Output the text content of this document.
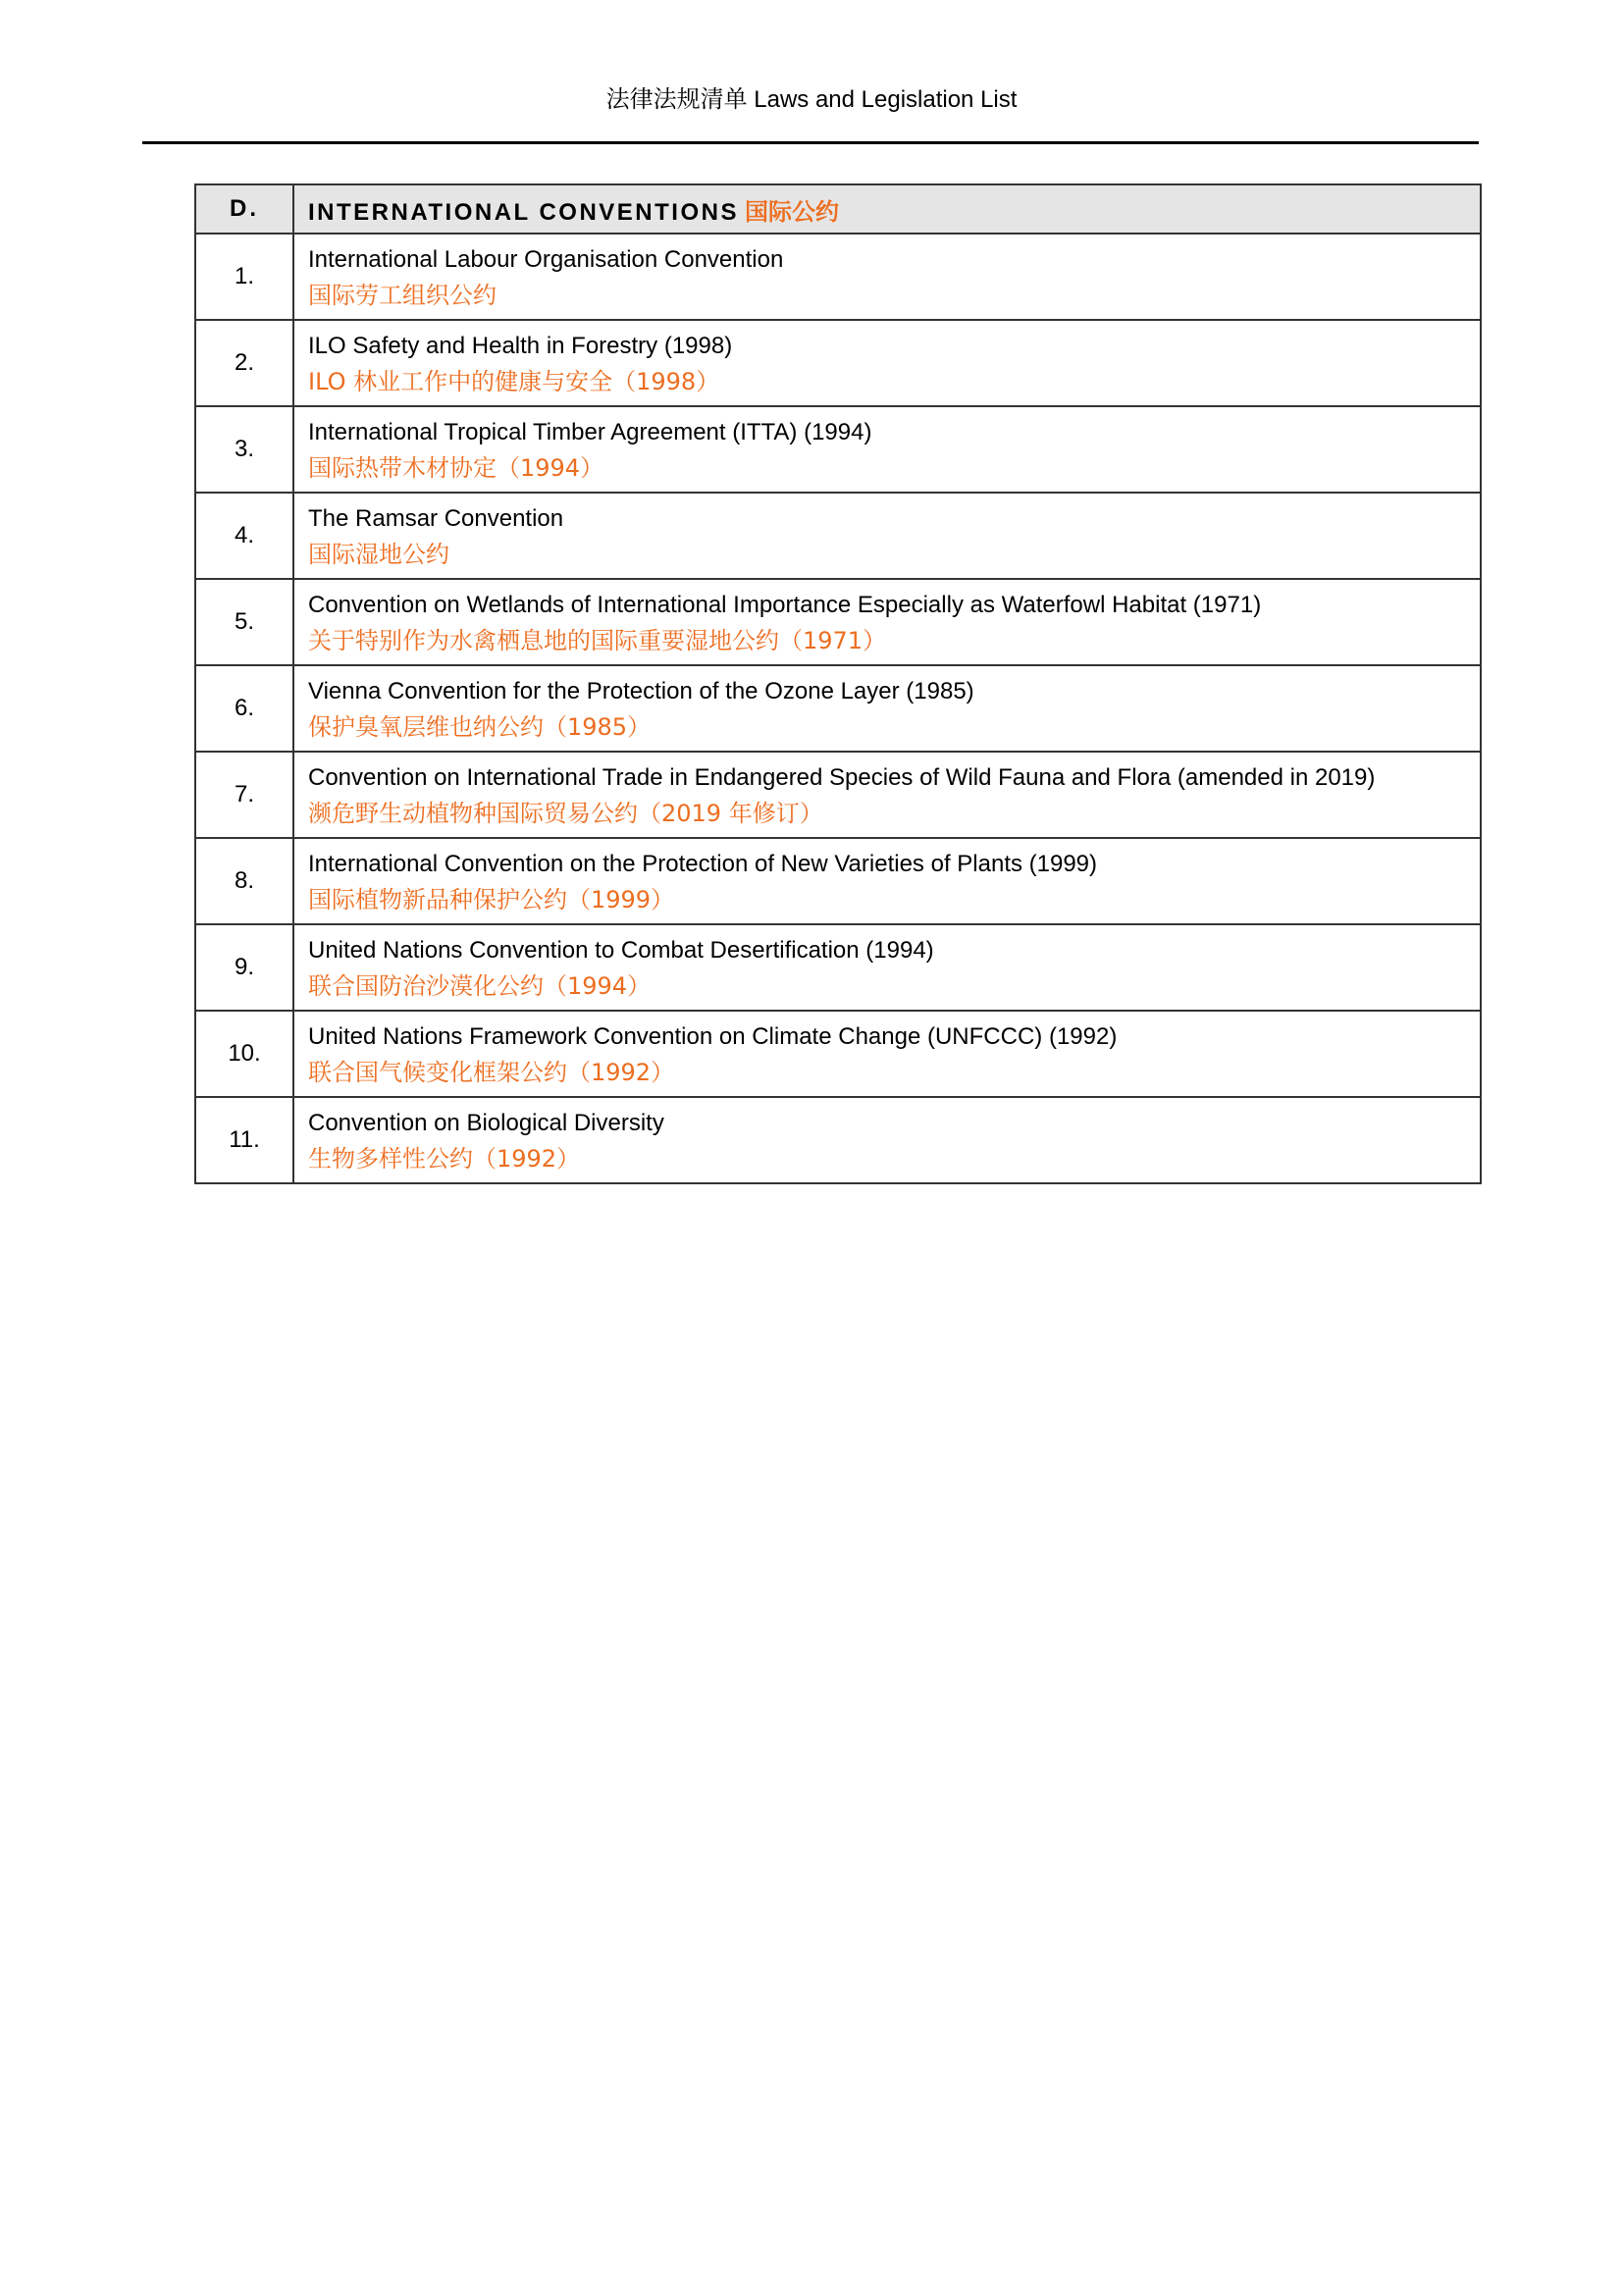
法律法规清单 Laws and Legislation List
D.	INTERNATIONAL CONVENTIONS 国际公约
1.	International Labour Organisation Convention
国际劳工组织公约

2.	ILO Safety and Health in Forestry (1998)
ILO 林业工作中的健康与安全（1998）

3.	International Tropical Timber Agreement (ITTA) (1994)
国际热带木材协定（1994）

4.	The Ramsar Convention
国际湿地公约

5.	Convention on Wetlands of International Importance Especially as Waterfowl Habitat (1971)
关于特别作为水禽栖息地的国际重要湿地公约（1971）

6.	Vienna Convention for the Protection of the Ozone Layer (1985)
保护臭氧层维也纳公约（1985）

7.	Convention on International Trade in Endangered Species of Wild Fauna and Flora (amended in 2019)
濒危野生动植物种国际贸易公约（2019 年修订）

8.	International Convention on the Protection of New Varieties of Plants (1999)
国际植物新品种保护公约（1999）

9.	United Nations Convention to Combat Desertification (1994)
联合国防治沙漠化公约（1994）

10.	United Nations Framework Convention on Climate Change (UNFCCC) (1992)
联合国气候变化框架公约（1992）

11.	Convention on Biological Diversity
生物多样性公约（1992）
